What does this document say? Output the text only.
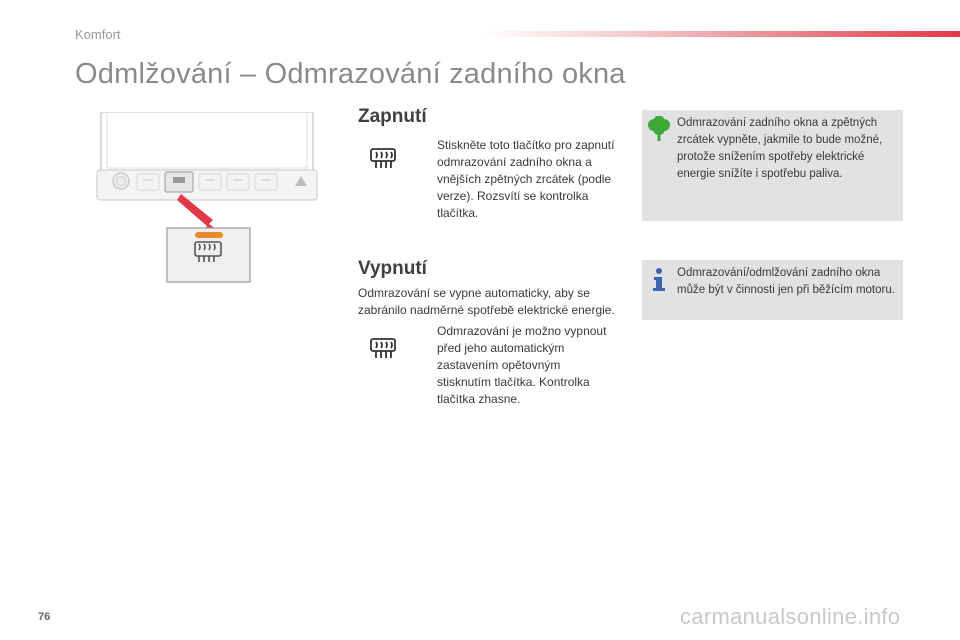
Komfort
Odmlžování – Odmrazování zadního okna
Zapnutí
Stiskněte toto tlačítko pro zapnutí odmrazování zadního okna a vnějších zpětných zrcátek (podle verze). Rozsvítí se kontrolka tlačítka.
Vypnutí
Odmrazování se vypne automaticky, aby se zabránilo nadměrné spotřebě elektrické energie.
Odmrazování je možno vypnout před jeho automatickým zastavením opětovným stisknutím tlačítka. Kontrolka tlačítka zhasne.
Odmrazování zadního okna a zpětných zrcátek vypněte, jakmile to bude možné, protože snížením spotřeby elektrické energie snížíte i spotřebu paliva.
Odmrazování/odmlžování zadního okna může být v činnosti jen při běžícím motoru.
76	carmanualsonline.info
